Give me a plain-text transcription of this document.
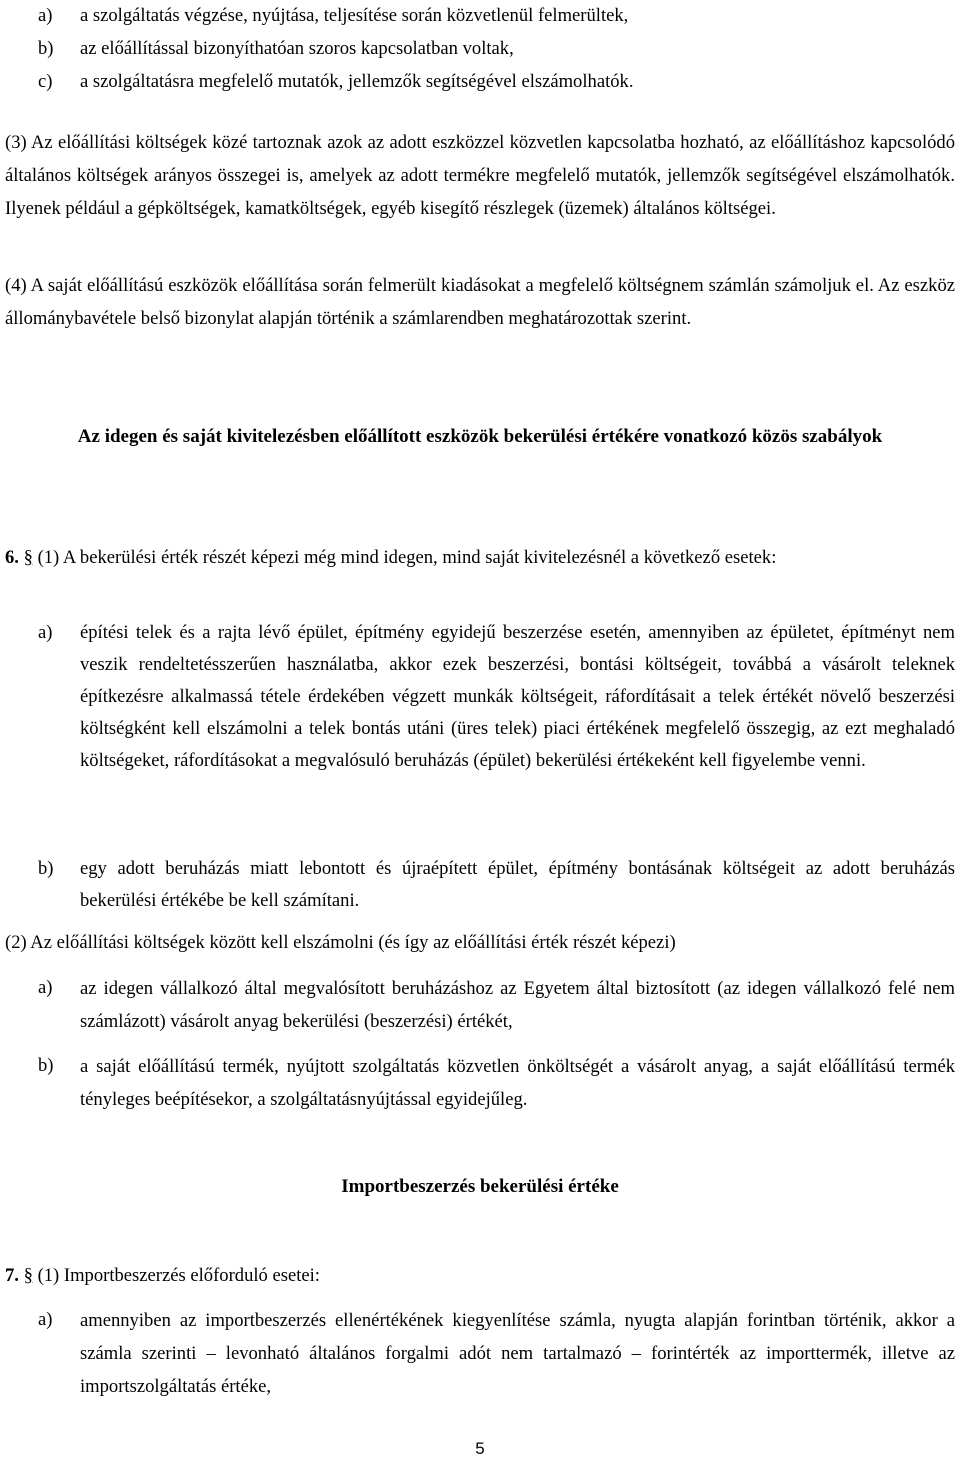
a) a szolgáltatás végzése, nyújtása, teljesítése során közvetlenül felmerültek,
b) az előállítással bizonyíthatóan szoros kapcsolatban voltak,
c) a szolgáltatásra megfelelő mutatók, jellemzők segítségével elszámolhatók.

(3) Az előállítási költségek közé tartoznak azok az adott eszközzel közvetlen kapcsolatba hozható, az előállításhoz kapcsolódó általános költségek arányos összegei is, amelyek az adott termékre megfelelő mutatók, jellemzők segítségével elszámolhatók. Ilyenek például a gépköltségek, kamatköltségek, egyéb kisegítő részlegek (üzemek) általános költségei.

(4) A saját előállítású eszközök előállítása során felmerült kiadásokat a megfelelő költségnem számlán számoljuk el. Az eszköz állománybavétele belső bizonylat alapján történik a számlarendben meghatározottak szerint.

Az idegen és saját kivitelezésben előállított eszközök bekerülési értékére vonatkozó közös szabályok

6. § (1) A bekerülési érték részét képezi még mind idegen, mind saját kivitelezésnél a következő esetek:

a) építési telek és a rajta lévő épület, építmény egyidejű beszerzése esetén, amennyiben az épületet, építményt nem veszik rendeltetésszerűen használatba, akkor ezek beszerzési, bontási költségeit, továbbá a vásárolt teleknek építkezésre alkalmassá tétele érdekében végzett munkák költségeit, ráfordításait a telek értékét növelő beszerzési költségként kell elszámolni a telek bontás utáni (üres telek) piaci értékének megfelelő összegig, az ezt meghaladó költségeket, ráfordításokat a megvalósuló beruházás (épület) bekerülési értékeként kell figyelembe venni.
b) egy adott beruházás miatt lebontott és újraépített épület, építmény bontásának költségeit az adott beruházás bekerülési értékébe be kell számítani.

(2) Az előállítási költségek között kell elszámolni (és így az előállítási érték részét képezi)

a) az idegen vállalkozó által megvalósított beruházáshoz az Egyetem által biztosított (az idegen vállalkozó felé nem számlázott) vásárolt anyag bekerülési (beszerzési) értékét,
b) a saját előállítású termék, nyújtott szolgáltatás közvetlen önköltségét a vásárolt anyag, a saját előállítású termék tényleges beépítésekor, a szolgáltatásnyújtással egyidejűleg.
Importbeszerzés bekerülési értéke

7. § (1) Importbeszerzés előforduló esetei:

a) amennyiben az importbeszerzés ellenértékének kiegyenlítése számla, nyugta alapján forintban történik, akkor a számla szerinti – levonható általános forgalmi adót nem tartalmazó – forintérték az importtermék, illetve az importszolgáltatás értéke,
5
